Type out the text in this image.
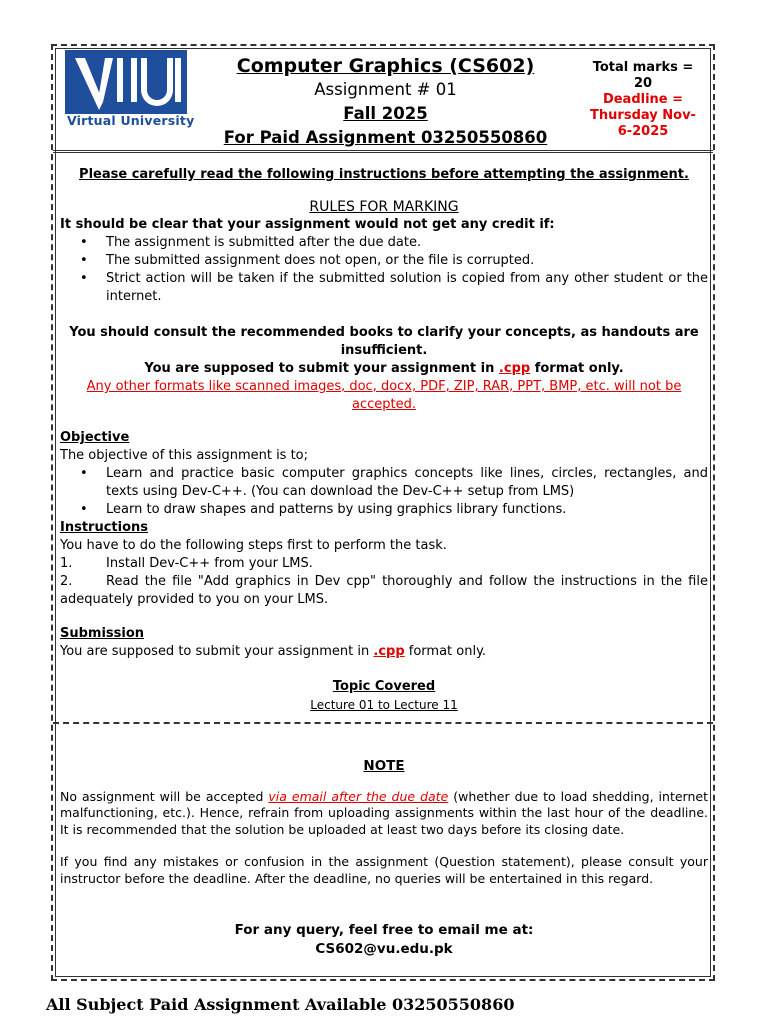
Virtual University
Computer Graphics (CS602)
Assignment # 01
Fall 2025
For Paid Assignment 03250550860
Total marks = 20
Deadline = Thursday Nov-6-2025
Please carefully read the following instructions before attempting the assignment.
RULES FOR MARKING
It should be clear that your assignment would not get any credit if:
• The assignment is submitted after the due date.
• The submitted assignment does not open, or the file is corrupted.
• Strict action will be taken if the submitted solution is copied from any other student or the internet.
You should consult the recommended books to clarify your concepts, as handouts are insufficient.
You are supposed to submit your assignment in .cpp format only.
Any other formats like scanned images, doc, docx, PDF, ZIP, RAR, PPT, BMP, etc. will not be accepted.
Objective
The objective of this assignment is to;
• Learn and practice basic computer graphics concepts like lines, circles, rectangles, and texts using Dev-C++. (You can download the Dev-C++ setup from LMS)
• Learn to draw shapes and patterns by using graphics library functions.
Instructions
You have to do the following steps first to perform the task.
1.	Install Dev-C++ from your LMS.
2.	Read the file "Add graphics in Dev cpp" thoroughly and follow the instructions in the file adequately provided to you on your LMS.
Submission
You are supposed to submit your assignment in .cpp format only.
Topic Covered
Lecture 01 to Lecture 11
NOTE
No assignment will be accepted via email after the due date (whether due to load shedding, internet malfunctioning, etc.). Hence, refrain from uploading assignments within the last hour of the deadline. It is recommended that the solution be uploaded at least two days before its closing date.
If you find any mistakes or confusion in the assignment (Question statement), please consult your instructor before the deadline. After the deadline, no queries will be entertained in this regard.
For any query, feel free to email me at:
CS602@vu.edu.pk
All Subject Paid Assignment Available 03250550860
